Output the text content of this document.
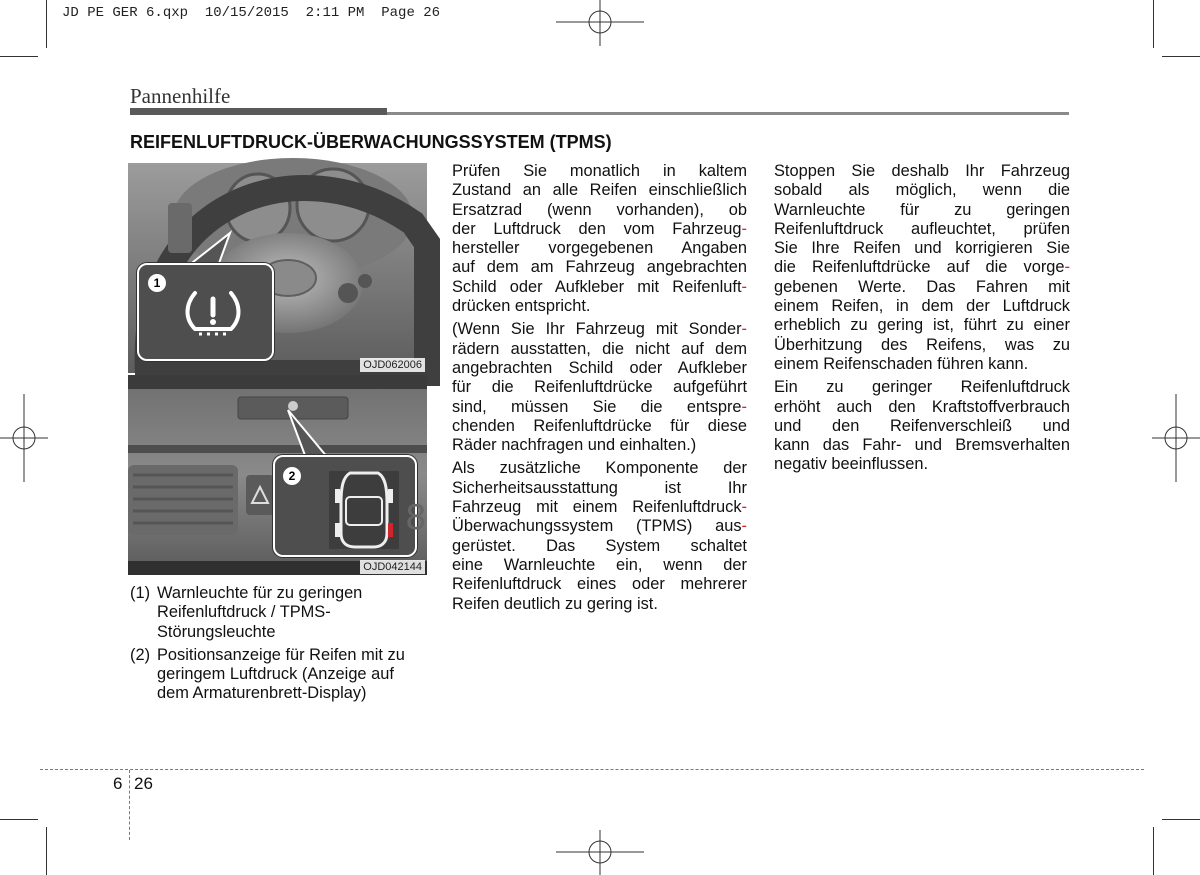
JD PE GER 6.qxp  10/15/2015  2:11 PM  Page 26
Pannenhilfe
REIFENLUFTDRUCK-ÜBERWACHUNGSSYSTEM (TPMS)
1
OJD062006
2
8
OJD042144
(1) Warnleuchte für zu geringen Reifenluftdruck / TPMS-Störungsleuchte
(2) Positionsanzeige für Reifen mit zu geringem Luftdruck (Anzeige auf dem Armaturenbrett-Display)

Prüfen Sie monatlich in kaltem
Zustand an alle Reifen einschließlich
Ersatzrad (wenn vorhanden), ob
der Luftdruck den vom Fahrzeug-
hersteller vorgegebenen Angaben
auf dem am Fahrzeug angebrachten
Schild oder Aufkleber mit Reifenluft-
drücken entspricht.

(Wenn Sie Ihr Fahrzeug mit Sonder-
rädern ausstatten, die nicht auf dem
angebrachten Schild oder Aufkleber
für die Reifenluftdrücke aufgeführt
sind, müssen Sie die entspre-
chenden Reifenluftdrücke für diese
Räder nachfragen und einhalten.)

Als zusätzliche Komponente der
Sicherheitsausstattung ist Ihr
Fahrzeug mit einem Reifenluftdruck-
Überwachungssystem (TPMS) aus-
gerüstet. Das System schaltet
eine Warnleuchte ein, wenn der
Reifenluftdruck eines oder mehrerer
Reifen deutlich zu gering ist.

Stoppen Sie deshalb Ihr Fahrzeug
sobald als möglich, wenn die
Warnleuchte für zu geringen
Reifenluftdruck aufleuchtet, prüfen
Sie Ihre Reifen und korrigieren Sie
die Reifenluftdrücke auf die vorge-
gebenen Werte. Das Fahren mit
einem Reifen, in dem der Luftdruck
erheblich zu gering ist, führt zu einer
Überhitzung des Reifens, was zu
einem Reifenschaden führen kann.

Ein zu geringer Reifenluftdruck
erhöht auch den Kraftstoffverbrauch
und den Reifenverschleiß und
kann das Fahr- und Bremsverhalten
negativ beeinflussen.

6 26
